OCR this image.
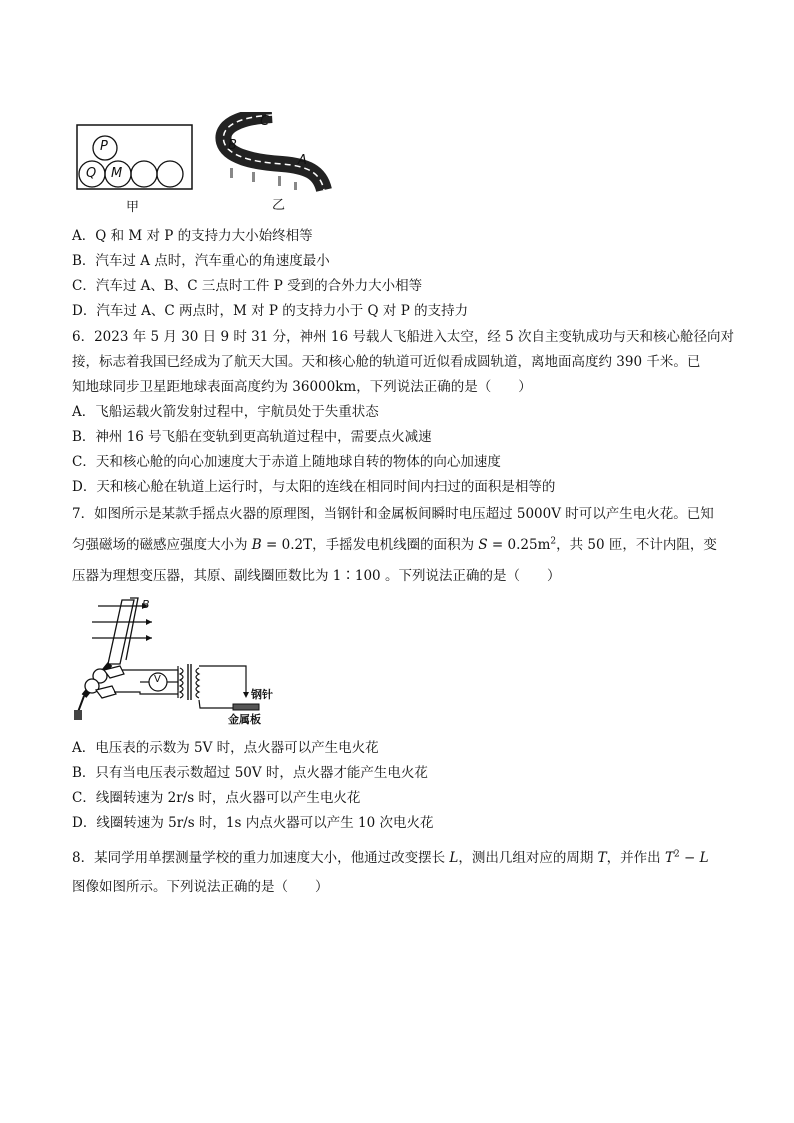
P
Q M
甲
C
B
A
乙
A．Q 和 M 对 P 的支持力大小始终相等
B．汽车过 A 点时，汽车重心的角速度最小
C．汽车过 A、B、C 三点时工件 P 受到的合外力大小相等
D．汽车过 A、C 两点时，M 对 P 的支持力小于 Q 对 P 的支持力
6．2023 年 5 月 30 日 9 时 31 分，神州 16 号载人飞船进入太空，经 5 次自主变轨成功与天和核心舱径向对
接，标志着我国已经成为了航天大国。天和核心舱的轨道可近似看成圆轨道，离地面高度约 390 千米。已
知地球同步卫星距地球表面高度约为 36000km，下列说法正确的是（　　）
A．飞船运载火箭发射过程中，宇航员处于失重状态
B．神州 16 号飞船在变轨到更高轨道过程中，需要点火减速
C．天和核心舱的向心加速度大于赤道上随地球自转的物体的向心加速度
D．天和核心舱在轨道上运行时，与太阳的连线在相同时间内扫过的面积是相等的
7．如图所示是某款手摇点火器的原理图，当钢针和金属板间瞬时电压超过 5000V 时可以产生电火花。已知
匀强磁场的磁感应强度大小为 B = 0.2T，手摇发电机线圈的面积为 $S = 0.25m^2$，共 50 匝，不计内阻，变
压器为理想变压器，其原、副线圈匝数比为 1∶100 。下列说法正确的是（　　）
B
V
钢针
金属板
A．电压表的示数为 5V 时，点火器可以产生电火花
B．只有当电压表示数超过 50V 时，点火器才能产生电火花
C．线圈转速为 2r/s 时，点火器可以产生电火花
D．线圈转速为 5r/s 时，1s 内点火器可以产生 10 次电火花
8．某同学用单摆测量学校的重力加速度大小，他通过改变摆长 L，测出几组对应的周期 T，并作出 $T^2 - L$
图像如图所示。下列说法正确的是（　　）
